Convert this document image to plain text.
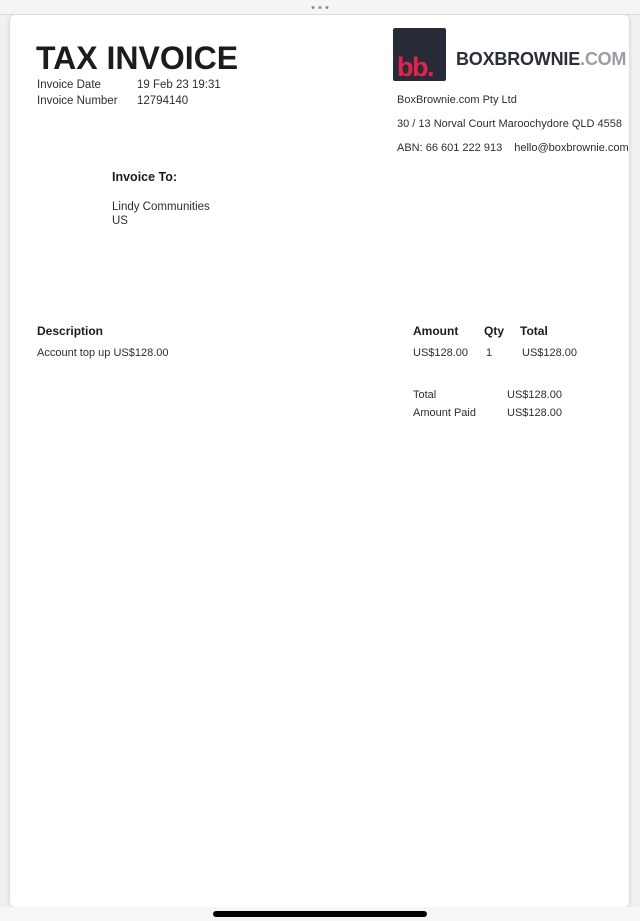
TAX INVOICE
Invoice Date	19 Feb 23 19:31
Invoice Number 12794140
bb. BOXBROWNIE.COM
BoxBrownie.com Pty Ltd
30 / 13 Norval Court Maroochydore QLD 4558
ABN: 66 601 222 913 hello@boxbrownie.com
Invoice To:
Lindy Communities
US
Description	Amount Qty Total
Account top up US$128.00	US$128.00 1	US$128.00
Total	US$128.00
Amount Paid	US$128.00
